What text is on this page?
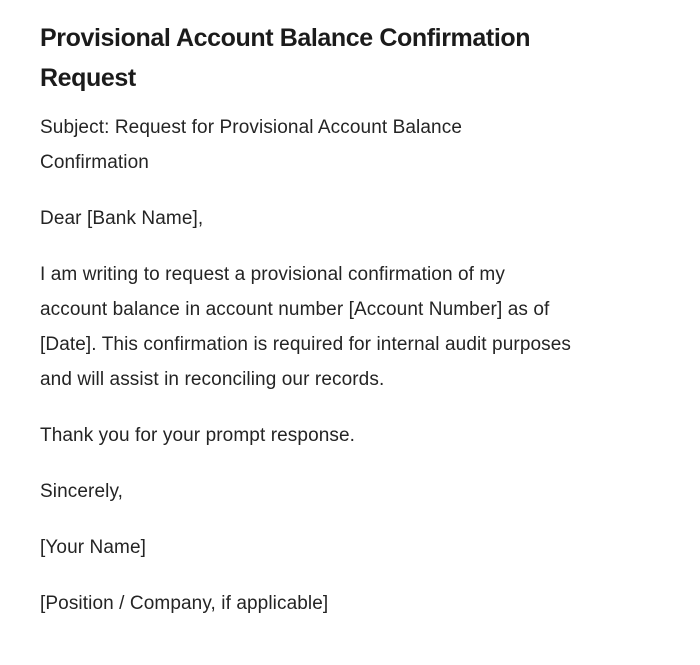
Provisional Account Balance Confirmation
Request

Subject: Request for Provisional Account Balance
Confirmation

Dear [Bank Name],

I am writing to request a provisional confirmation of my
account balance in account number [Account Number] as of
[Date]. This confirmation is required for internal audit purposes
and will assist in reconciling our records.

Thank you for your prompt response.

Sincerely,

[Your Name]

[Position / Company, if applicable]
